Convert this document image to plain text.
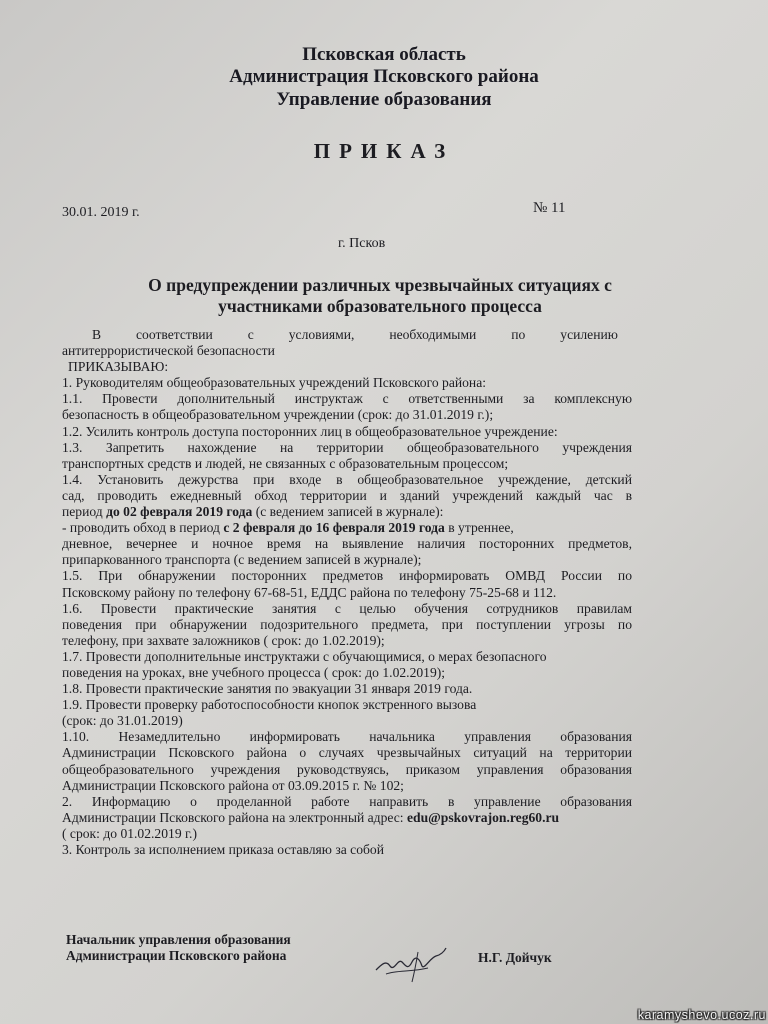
Псковская область
Администрация Псковского района
Управление образования
ПРИКАЗ
30.01. 2019 г.	№ 11
г. Псков
О предупреждении различных чрезвычайных ситуациях с
участниками образовательного процесса
В	соответствии	с	условиями,	необходимыми	по	усилению
антитеррористической безопасности
ПРИКАЗЫВАЮ:
1. Руководителям общеобразовательных учреждений Псковского района:
1.1. Провести дополнительный инструктаж с ответственными за комплексную
безопасность в общеобразовательном учреждении (срок: до 31.01.2019 г.);
1.2. Усилить контроль доступа посторонних лиц в общеобразовательное учреждение:
1.3. Запретить нахождение на территории общеобразовательного учреждения
транспортных средств и людей, не связанных с образовательным процессом;
1.4. Установить дежурства при входе в общеобразовательное учреждение, детский
сад, проводить ежедневный обход территории и зданий учреждений каждый час в
период до 02 февраля 2019 года (с ведением записей в журнале):
- проводить обход в период с 2 февраля до 16 февраля 2019 года в утреннее,
дневное, вечернее и ночное время на выявление наличия посторонних предметов,
припаркованного транспорта (с ведением записей в журнале);
1.5. При обнаружении посторонних предметов информировать ОМВД России по
Псковскому району по телефону 67-68-51, ЕДДС района по телефону 75-25-68 и 112.
1.6. Провести практические занятия с целью обучения сотрудников правилам
поведения при обнаружении подозрительного предмета, при поступлении угрозы по
телефону, при захвате заложников ( срок: до 1.02.2019);
1.7. Провести дополнительные инструктажи с обучающимися, о мерах безопасного
поведения на уроках, вне учебного процесса ( срок: до 1.02.2019);
1.8. Провести практические занятия по эвакуации 31 января 2019 года.
1.9. Провести проверку работоспособности кнопок экстренного вызова
(срок: до 31.01.2019)
1.10. Незамедлительно информировать начальника управления образования
Администрации Псковского района о случаях чрезвычайных ситуаций на территории
общеобразовательного учреждения руководствуясь, приказом управления образования
Администрации Псковского района от 03.09.2015 г. № 102;
2. Информацию о проделанной работе направить в управление образования
Администрации Псковского района на электронный адрес: edu@pskovrajon.reg60.ru
( срок: до 01.02.2019 г.)
3. Контроль за исполнением приказа оставляю за собой
Начальник управления образования
Администрации Псковского района	Н.Г. Дойчук
karamyshevo.ucoz.ru
